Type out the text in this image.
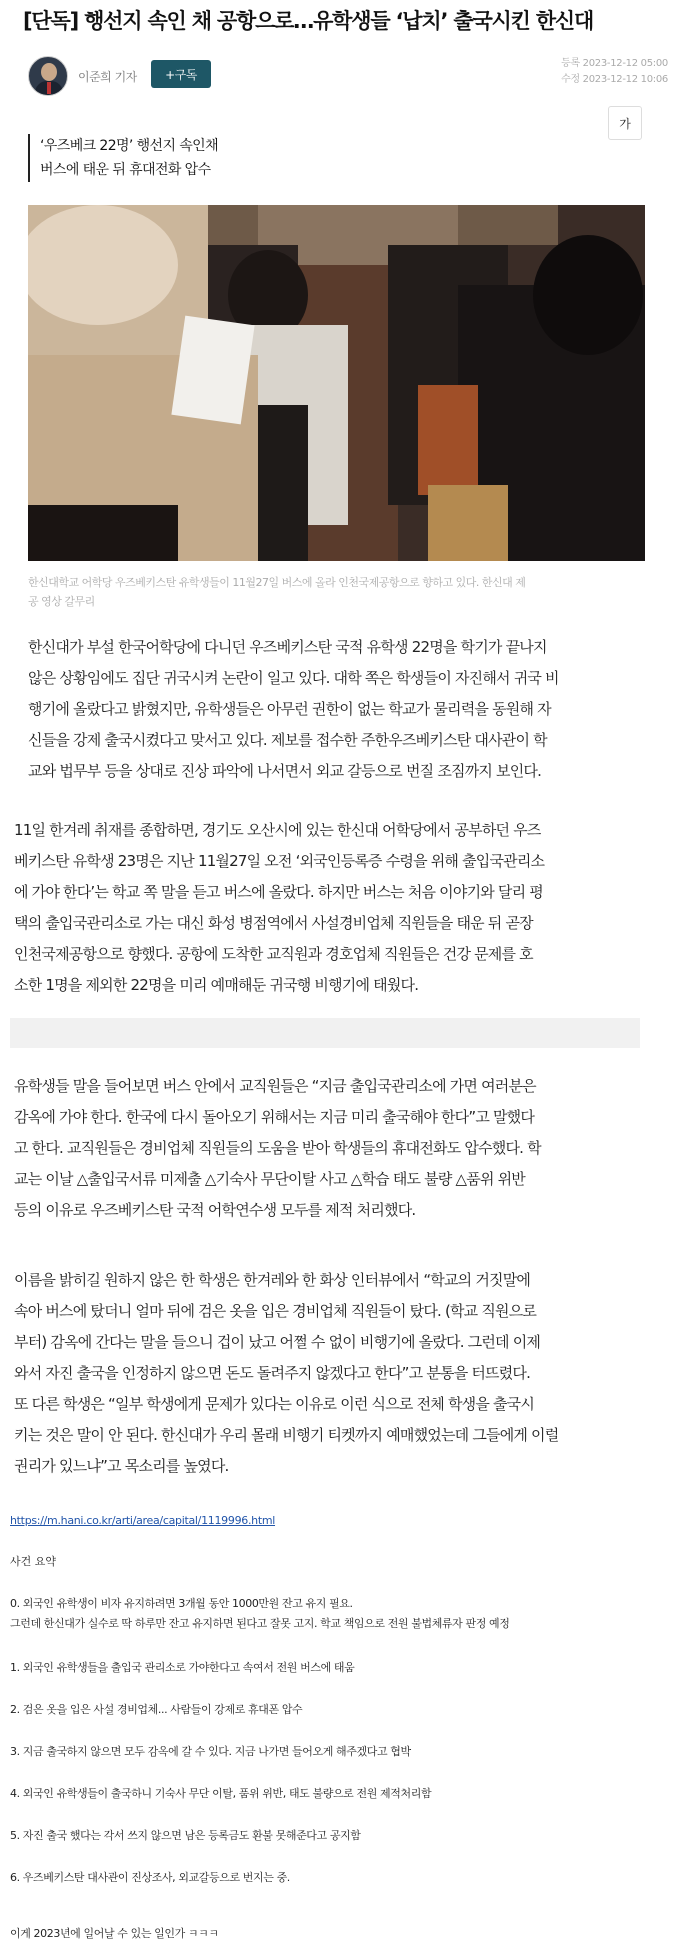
[단독] 행선지 속인 채 공항으로…유학생들 ‘납치’ 출국시킨 한신대
이준희 기자	+구독
등록 2023-12-12 05:00
수정 2023-12-12 10:06
가
‘우즈베크 22명’ 행선지 속인채
버스에 태운 뒤 휴대전화 압수
한신대학교 어학당 우즈베키스탄 유학생들이 11월27일 버스에 올라 인천국제공항으로 향하고 있다. 한신대 제
공 영상 갈무리
한신대가 부설 한국어학당에 다니던 우즈베키스탄 국적 유학생 22명을 학기가 끝나지
않은 상황임에도 집단 귀국시켜 논란이 일고 있다. 대학 쪽은 학생들이 자진해서 귀국 비
행기에 올랐다고 밝혔지만, 유학생들은 아무런 권한이 없는 학교가 물리력을 동원해 자
신들을 강제 출국시켰다고 맞서고 있다. 제보를 접수한 주한우즈베키스탄 대사관이 학
교와 법무부 등을 상대로 진상 파악에 나서면서 외교 갈등으로 번질 조짐까지 보인다.
11일 한겨레 취재를 종합하면, 경기도 오산시에 있는 한신대 어학당에서 공부하던 우즈
베키스탄 유학생 23명은 지난 11월27일 오전 ‘외국인등록증 수령을 위해 출입국관리소
에 가야 한다’는 학교 쪽 말을 듣고 버스에 올랐다. 하지만 버스는 처음 이야기와 달리 평
택의 출입국관리소로 가는 대신 화성 병점역에서 사설경비업체 직원들을 태운 뒤 곧장
인천국제공항으로 향했다. 공항에 도착한 교직원과 경호업체 직원들은 건강 문제를 호
소한 1명을 제외한 22명을 미리 예매해둔 귀국행 비행기에 태웠다.
유학생들 말을 들어보면 버스 안에서 교직원들은 “지금 출입국관리소에 가면 여러분은
감옥에 가야 한다. 한국에 다시 돌아오기 위해서는 지금 미리 출국해야 한다”고 말했다
고 한다. 교직원들은 경비업체 직원들의 도움을 받아 학생들의 휴대전화도 압수했다. 학
교는 이날 △출입국서류 미제출 △기숙사 무단이탈 사고 △학습 태도 불량 △품위 위반
등의 이유로 우즈베키스탄 국적 어학연수생 모두를 제적 처리했다.
이름을 밝히길 원하지 않은 한 학생은 한겨레와 한 화상 인터뷰에서 “학교의 거짓말에
속아 버스에 탔더니 얼마 뒤에 검은 옷을 입은 경비업체 직원들이 탔다. (학교 직원으로
부터) 감옥에 간다는 말을 들으니 겁이 났고 어쩔 수 없이 비행기에 올랐다. 그런데 이제
와서 자진 출국을 인정하지 않으면 돈도 돌려주지 않겠다고 한다”고 분통을 터뜨렸다.
또 다른 학생은 “일부 학생에게 문제가 있다는 이유로 이런 식으로 전체 학생을 출국시
키는 것은 말이 안 된다. 한신대가 우리 몰래 비행기 티켓까지 예매했었는데 그들에게 이럴
권리가 있느냐”고 목소리를 높였다.
https://m.hani.co.kr/arti/area/capital/1119996.html
사건 요약
0. 외국인 유학생이 비자 유지하려면 3개월 동안 1000만원 잔고 유지 필요.
그런데 한신대가 실수로 딱 하루만 잔고 유지하면 된다고 잘못 고지. 학교 책임으로 전원 불법체류자 판정 예정
1. 외국인 유학생들을 출입국 관리소로 가야한다고 속여서 전원 버스에 태움
2. 검은 옷을 입은 사설 경비업체... 사람들이 강제로 휴대폰 압수
3. 지금 출국하지 않으면 모두 감옥에 갈 수 있다. 지금 나가면 들어오게 해주겠다고 협박
4. 외국인 유학생들이 출국하니 기숙사 무단 이탈, 품위 위반, 태도 불량으로 전원 제적처리함
5. 자진 출국 했다는 각서 쓰지 않으면 남은 등록금도 환불 못해준다고 공지함
6. 우즈베키스탄 대사관이 진상조사, 외교갈등으로 번지는 중.
이게 2023년에 일어날 수 있는 일인가 ㅋㅋㅋ
